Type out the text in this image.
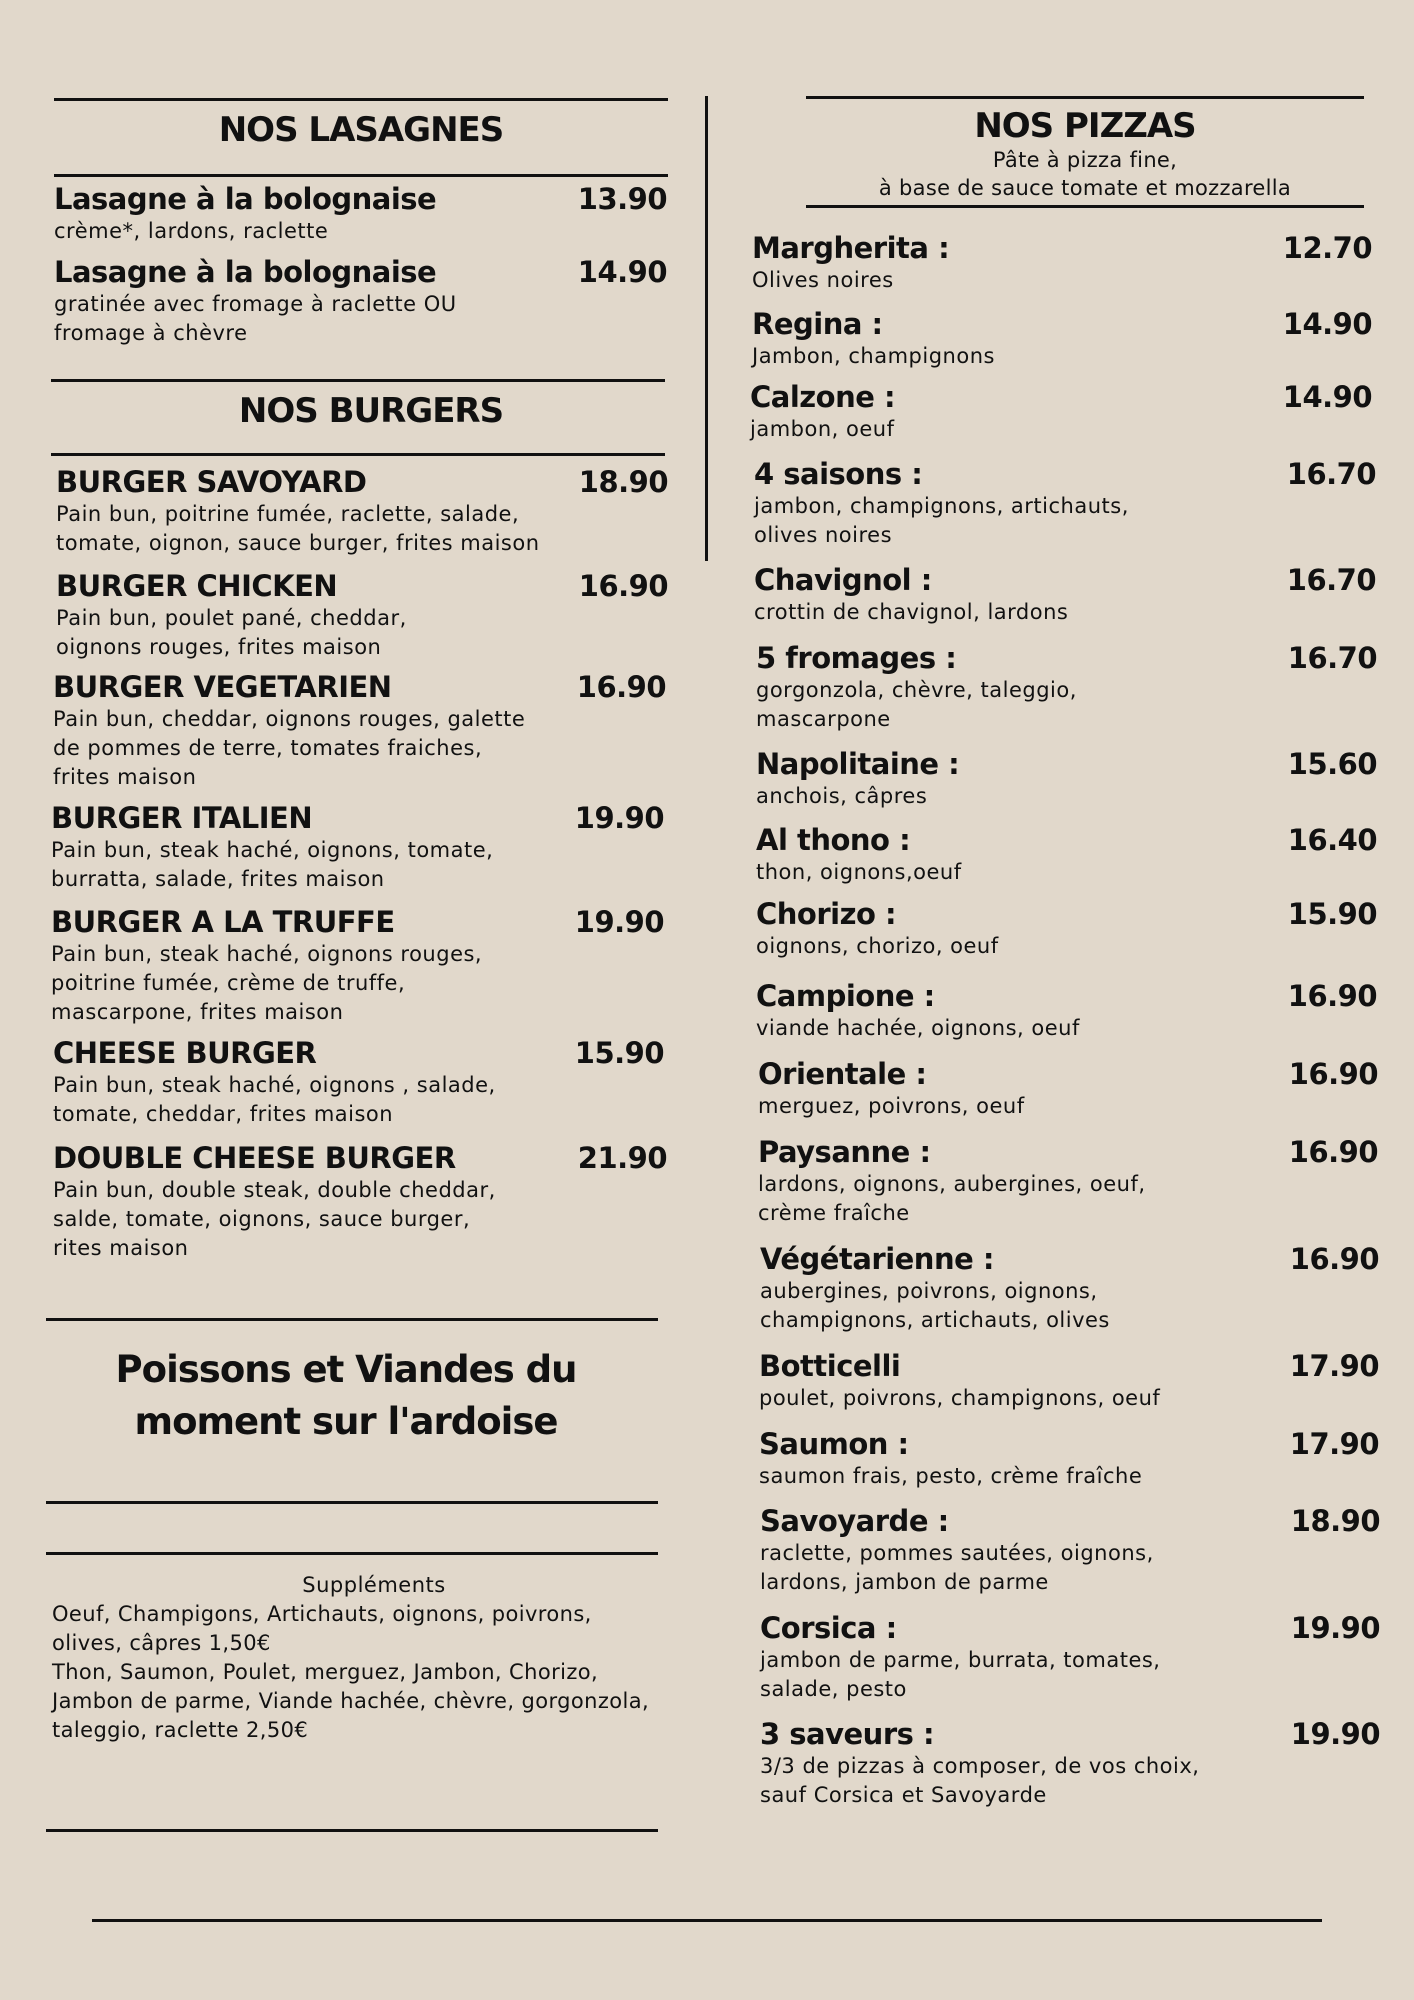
NOS LASAGNES
Lasagne à la bolognaise	13.90
crème*, lardons, raclette
Lasagne à la bolognaise	14.90
gratinée avec fromage à raclette OU
fromage à chèvre
NOS BURGERS
BURGER SAVOYARD	18.90
Pain bun, poitrine fumée, raclette, salade,
tomate, oignon, sauce burger, frites maison
BURGER CHICKEN	16.90
Pain bun, poulet pané, cheddar,
oignons rouges, frites maison
BURGER VEGETARIEN	16.90
Pain bun, cheddar, oignons rouges, galette
de pommes de terre, tomates fraiches,
frites maison
BURGER ITALIEN	19.90
Pain bun, steak haché, oignons, tomate,
burratta, salade, frites maison
BURGER A LA TRUFFE	19.90
Pain bun, steak haché, oignons rouges,
poitrine fumée, crème de truffe,
mascarpone, frites maison
CHEESE BURGER	15.90
Pain bun, steak haché, oignons , salade,
tomate, cheddar, frites maison
DOUBLE CHEESE BURGER	21.90
Pain bun, double steak, double cheddar,
salde, tomate, oignons, sauce burger,
rites maison
Poissons et Viandes du
moment sur l'ardoise
Suppléments
Oeuf, Champigons, Artichauts, oignons, poivrons,
olives, câpres 1,50€
Thon, Saumon, Poulet, merguez, Jambon, Chorizo,
Jambon de parme, Viande hachée, chèvre, gorgonzola,
taleggio, raclette 2,50€
NOS PIZZAS
Pâte à pizza fine,
à base de sauce tomate et mozzarella
Margherita :	12.70
Olives noires
Regina :	14.90
Jambon, champignons
Calzone :	14.90
jambon, oeuf
4 saisons :	16.70
jambon, champignons, artichauts,
olives noires
Chavignol :	16.70
crottin de chavignol, lardons
5 fromages :	16.70
gorgonzola, chèvre, taleggio,
mascarpone
Napolitaine :	15.60
anchois, câpres
Al thono :	16.40
thon, oignons,oeuf
Chorizo :	15.90
oignons, chorizo, oeuf
Campione :	16.90
viande hachée, oignons, oeuf
Orientale :	16.90
merguez, poivrons, oeuf
Paysanne :	16.90
lardons, oignons, aubergines, oeuf,
crème fraîche
Végétarienne :	16.90
aubergines, poivrons, oignons,
champignons, artichauts, olives
Botticelli	17.90
poulet, poivrons, champignons, oeuf
Saumon :	17.90
saumon frais, pesto, crème fraîche
Savoyarde :	18.90
raclette, pommes sautées, oignons,
lardons, jambon de parme
Corsica :	19.90
jambon de parme, burrata, tomates,
salade, pesto
3 saveurs :	19.90
3/3 de pizzas à composer, de vos choix,
sauf Corsica et Savoyarde
